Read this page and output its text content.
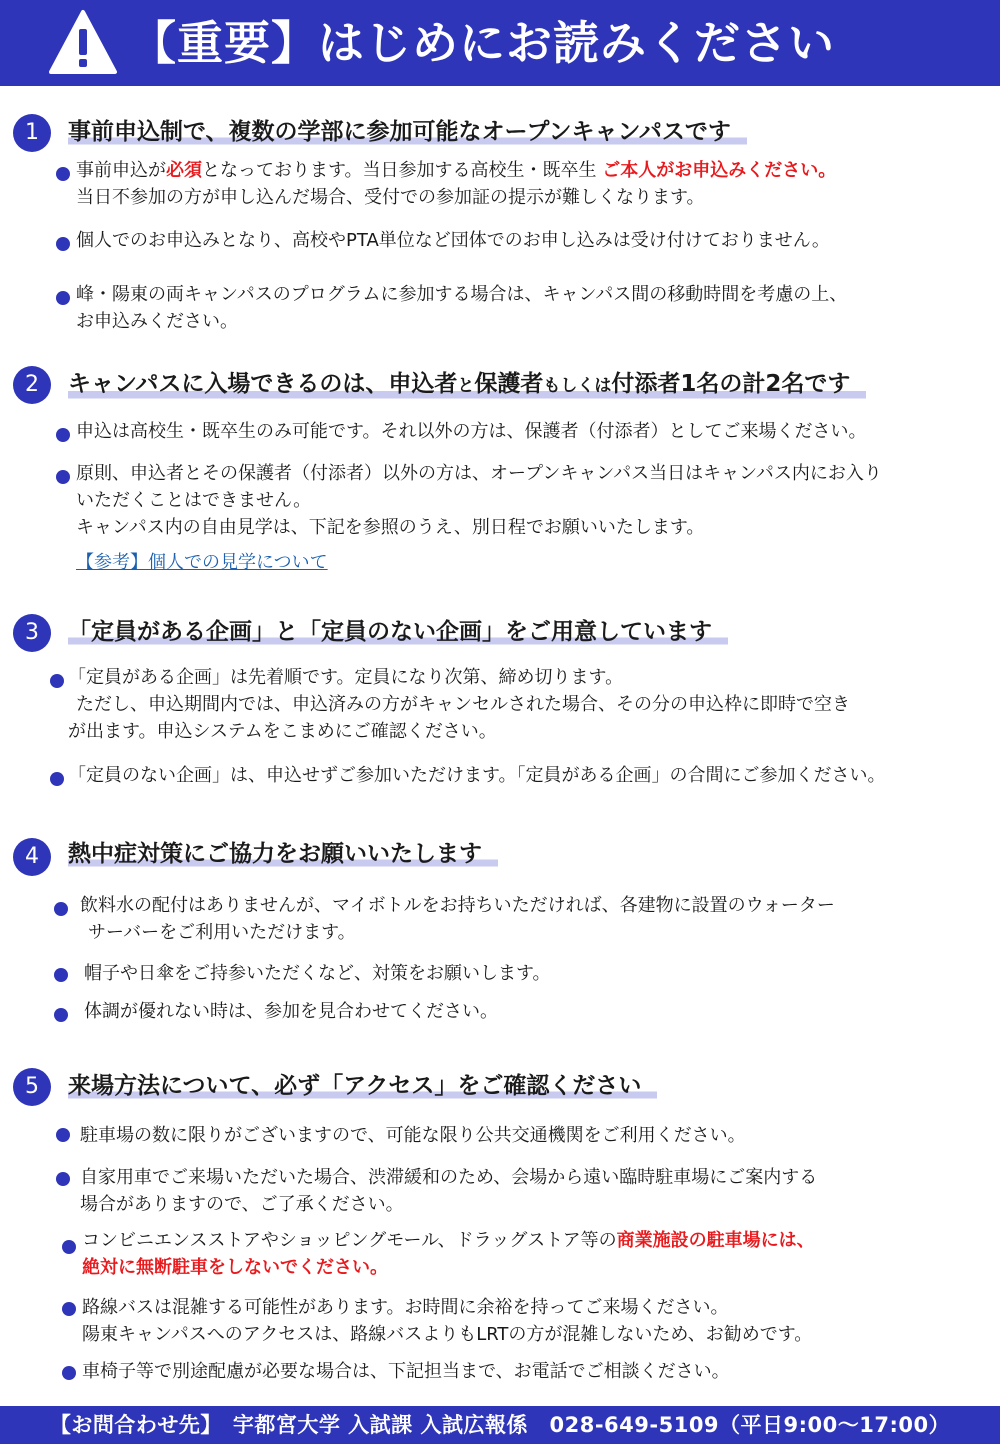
【重要】はじめにお読みください
1	事前申込制で、複数の学部に参加可能なオープンキャンパスです
事前申込が必須となっております。当日参加する高校生・既卒生 ご本人がお申込みください。
当日不参加の方が申し込んだ場合、受付での参加証の提示が難しくなります。
個人でのお申込みとなり、高校やPTA単位など団体でのお申し込みは受け付けておりません。
峰・陽東の両キャンパスのプログラムに参加する場合は、キャンパス間の移動時間を考慮の上、
お申込みください。
2	キャンパスに入場できるのは、申込者と保護者もしくは付添者1名の計2名です
申込は高校生・既卒生のみ可能です。それ以外の方は、保護者（付添者）としてご来場ください。
原則、申込者とその保護者（付添者）以外の方は、オープンキャンパス当日はキャンパス内にお入り
いただくことはできません。
キャンパス内の自由見学は、下記を参照のうえ、別日程でお願いいたします。
【参考】個人での見学について
3	「定員がある企画」と「定員のない企画」をご用意しています
「定員がある企画」は先着順です。定員になり次第、締め切ります。
ただし、申込期間内では、申込済みの方がキャンセルされた場合、その分の申込枠に即時で空き
が出ます。申込システムをこまめにご確認ください。
「定員のない企画」は、申込せずご参加いただけます。「定員がある企画」の合間にご参加ください。
4	熱中症対策にご協力をお願いいたします
飲料水の配付はありませんが、マイボトルをお持ちいただければ、各建物に設置のウォーター
サーバーをご利用いただけます。
帽子や日傘をご持参いただくなど、対策をお願いします。
体調が優れない時は、参加を見合わせてください。
5	来場方法について、必ず「アクセス」をご確認ください
駐車場の数に限りがございますので、可能な限り公共交通機関をご利用ください。
自家用車でご来場いただいた場合、渋滞緩和のため、会場から遠い臨時駐車場にご案内する
場合がありますので、ご了承ください。
コンビニエンスストアやショッピングモール、ドラッグストア等の商業施設の駐車場には、
絶対に無断駐車をしないでください。
路線バスは混雑する可能性があります。お時間に余裕を持ってご来場ください。
陽東キャンパスへのアクセスは、路線バスよりもLRTの方が混雑しないため、お勧めです。
車椅子等で別途配慮が必要な場合は、下記担当まで、お電話でご相談ください。
【お問合わせ先】　宇都宮大学 入試課 入試広報係　028-649-5109（平日9:00〜17:00）
